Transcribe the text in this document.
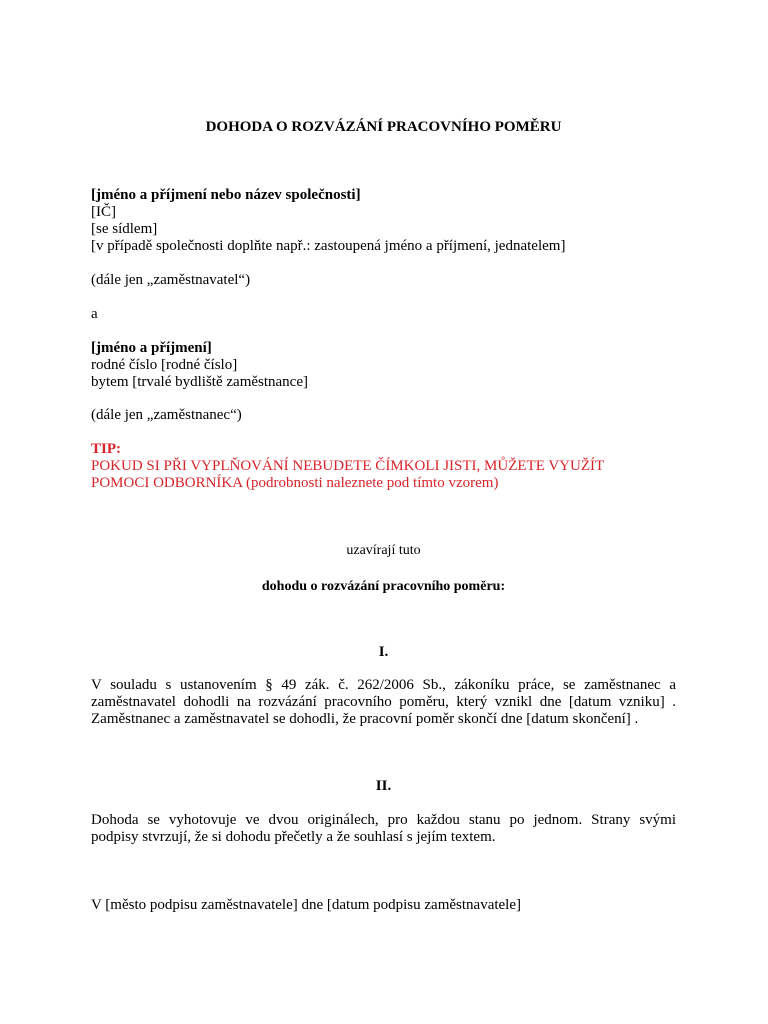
DOHODA O ROZVÁZÁNÍ PRACOVNÍHO POMĚRU
[jméno a příjmení nebo název společnosti]
[IČ]
[se sídlem]
[v případě společnosti doplňte např.: zastoupená jméno a příjmení, jednatelem]
(dále jen „zaměstnavatel“)
a
[jméno a příjmení]
rodné číslo [rodné číslo]
bytem [trvalé bydliště zaměstnance]
(dále jen „zaměstnanec“)
TIP:
POKUD SI PŘI VYPLŇOVÁNÍ NEBUDETE ČÍMKOLI JISTI, MŮŽETE VYUŽÍT
POMOCI ODBORNÍKA (podrobnosti naleznete pod tímto vzorem)
uzavírají tuto
dohodu o rozvázání pracovního poměru:
I.
V souladu s ustanovením § 49 zák. č. 262/2006 Sb., zákoníku práce, se zaměstnanec a
zaměstnavatel dohodli na rozvázání pracovního poměru, který vznikl dne [datum vzniku] .
Zaměstnanec a zaměstnavatel se dohodli, že pracovní poměr skončí dne [datum skončení] .
II.
Dohoda se vyhotovuje ve dvou originálech, pro každou stanu po jednom. Strany svými
podpisy stvrzují, že si dohodu přečetly a že souhlasí s jejím textem.
V [město podpisu zaměstnavatele] dne [datum podpisu zaměstnavatele]
